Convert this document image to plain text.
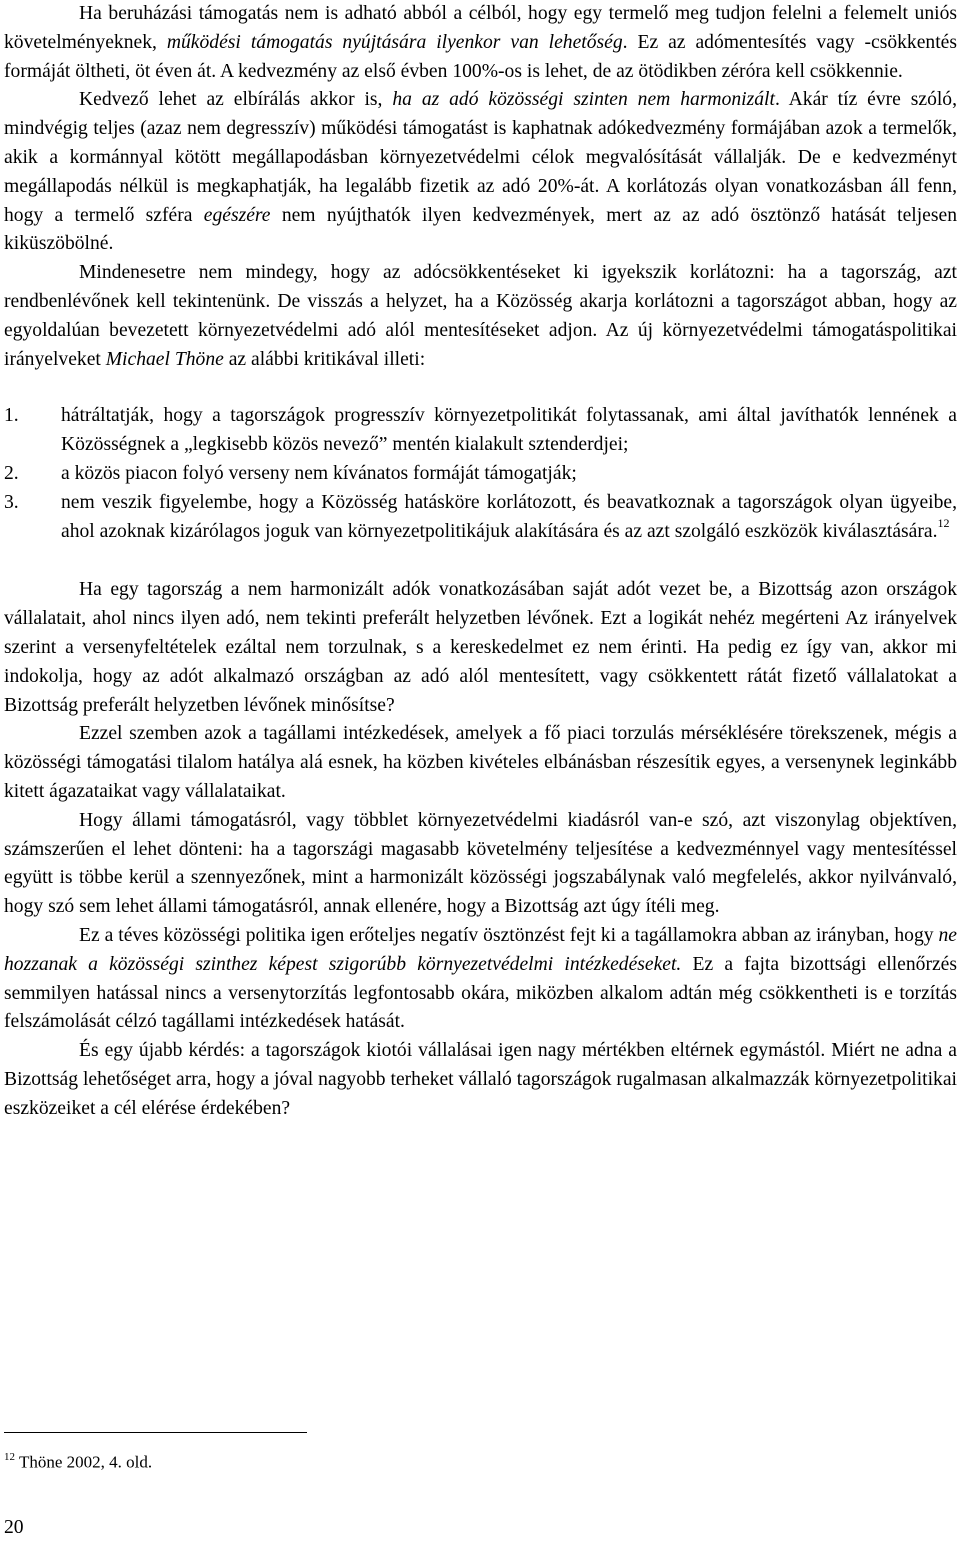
Ha beruházási támogatás nem is adható abból a célból, hogy egy termelő meg tudjon felelni a felemelt uniós követelményeknek, működési támogatás nyújtására ilyenkor van lehetőség. Ez az adómentesítés vagy -csökkentés formáját öltheti, öt éven át. A kedvezmény az első évben 100%-os is lehet, de az ötödikben zéróra kell csökkennie.

Kedvező lehet az elbírálás akkor is, ha az adó közösségi szinten nem harmonizált. Akár tíz évre szóló, mindvégig teljes (azaz nem degresszív) működési támogatást is kaphatnak adókedvezmény formájában azok a termelők, akik a kormánnyal kötött megállapodásban környezetvédelmi célok megvalósítását vállalják. De e kedvezményt megállapodás nélkül is megkaphatják, ha legalább fizetik az adó 20%-át. A korlátozás olyan vonatkozásban áll fenn, hogy a termelő szféra egészére nem nyújthatók ilyen kedvezmények, mert az az adó ösztönző hatását teljesen kiküszöbölné.

Mindenesetre nem mindegy, hogy az adócsökkentéseket ki igyekszik korlátozni: ha a tagország, azt rendbenlévőnek kell tekintenünk. De visszás a helyzet, ha a Közösség akarja korlátozni a tagországot abban, hogy az egyoldalúan bevezetett környezetvédelmi adó alól mentesítéseket adjon. Az új környezetvédelmi támogatáspolitikai irányelveket Michael Thöne az alábbi kritikával illeti:

1. hátráltatják, hogy a tagországok progresszív környezetpolitikát folytassanak, ami által javíthatók lennének a Közösségnek a „legkisebb közös nevező” mentén kialakult sztenderdjei;
2. a közös piacon folyó verseny nem kívánatos formáját támogatják;
3. nem veszik figyelembe, hogy a Közösség hatásköre korlátozott, és beavatkoznak a tagországok olyan ügyeibe, ahol azoknak kizárólagos joguk van környezetpolitikájuk alakítására és az azt szolgáló eszközök kiválasztására.$^{12}$

Ha egy tagország a nem harmonizált adók vonatkozásában saját adót vezet be, a Bizottság azon országok vállalatait, ahol nincs ilyen adó, nem tekinti preferált helyzetben lévőnek. Ezt a logikát nehéz megérteni Az irányelvek szerint a versenyfeltételek ezáltal nem torzulnak, s a kereskedelmet ez nem érinti. Ha pedig ez így van, akkor mi indokolja, hogy az adót alkalmazó országban az adó alól mentesített, vagy csökkentett rátát fizető vállalatokat a Bizottság preferált helyzetben lévőnek minősítse?

Ezzel szemben azok a tagállami intézkedések, amelyek a fő piaci torzulás mérséklésére törekszenek, mégis a közösségi támogatási tilalom hatálya alá esnek, ha közben kivételes elbánásban részesítik egyes, a versenynek leginkább kitett ágazataikat vagy vállalataikat.

Hogy állami támogatásról, vagy többlet környezetvédelmi kiadásról van-e szó, azt viszonylag objektíven, számszerűen el lehet dönteni: ha a tagországi magasabb követelmény teljesítése a kedvezménnyel vagy mentesítéssel együtt is többe kerül a szennyezőnek, mint a harmonizált közösségi jogszabálynak való megfelelés, akkor nyilvánvaló, hogy szó sem lehet állami támogatásról, annak ellenére, hogy a Bizottság azt úgy ítéli meg.

Ez a téves közösségi politika igen erőteljes negatív ösztönzést fejt ki a tagállamokra abban az irányban, hogy ne hozzanak a közösségi szinthez képest szigorúbb környezetvédelmi intézkedéseket. Ez a fajta bizottsági ellenőrzés semmilyen hatással nincs a versenytorzítás legfontosabb okára, miközben alkalom adtán még csökkentheti is e torzítás felszámolását célzó tagállami intézkedések hatását.

És egy újabb kérdés: a tagországok kiotói vállalásai igen nagy mértékben eltérnek egymástól. Miért ne adna a Bizottság lehetőséget arra, hogy a jóval nagyobb terheket vállaló tagországok rugalmasan alkalmazzák környezetpolitikai eszközeiket a cél elérése érdekében?

$^{12}$ Thöne 2002, 4. old.
20
